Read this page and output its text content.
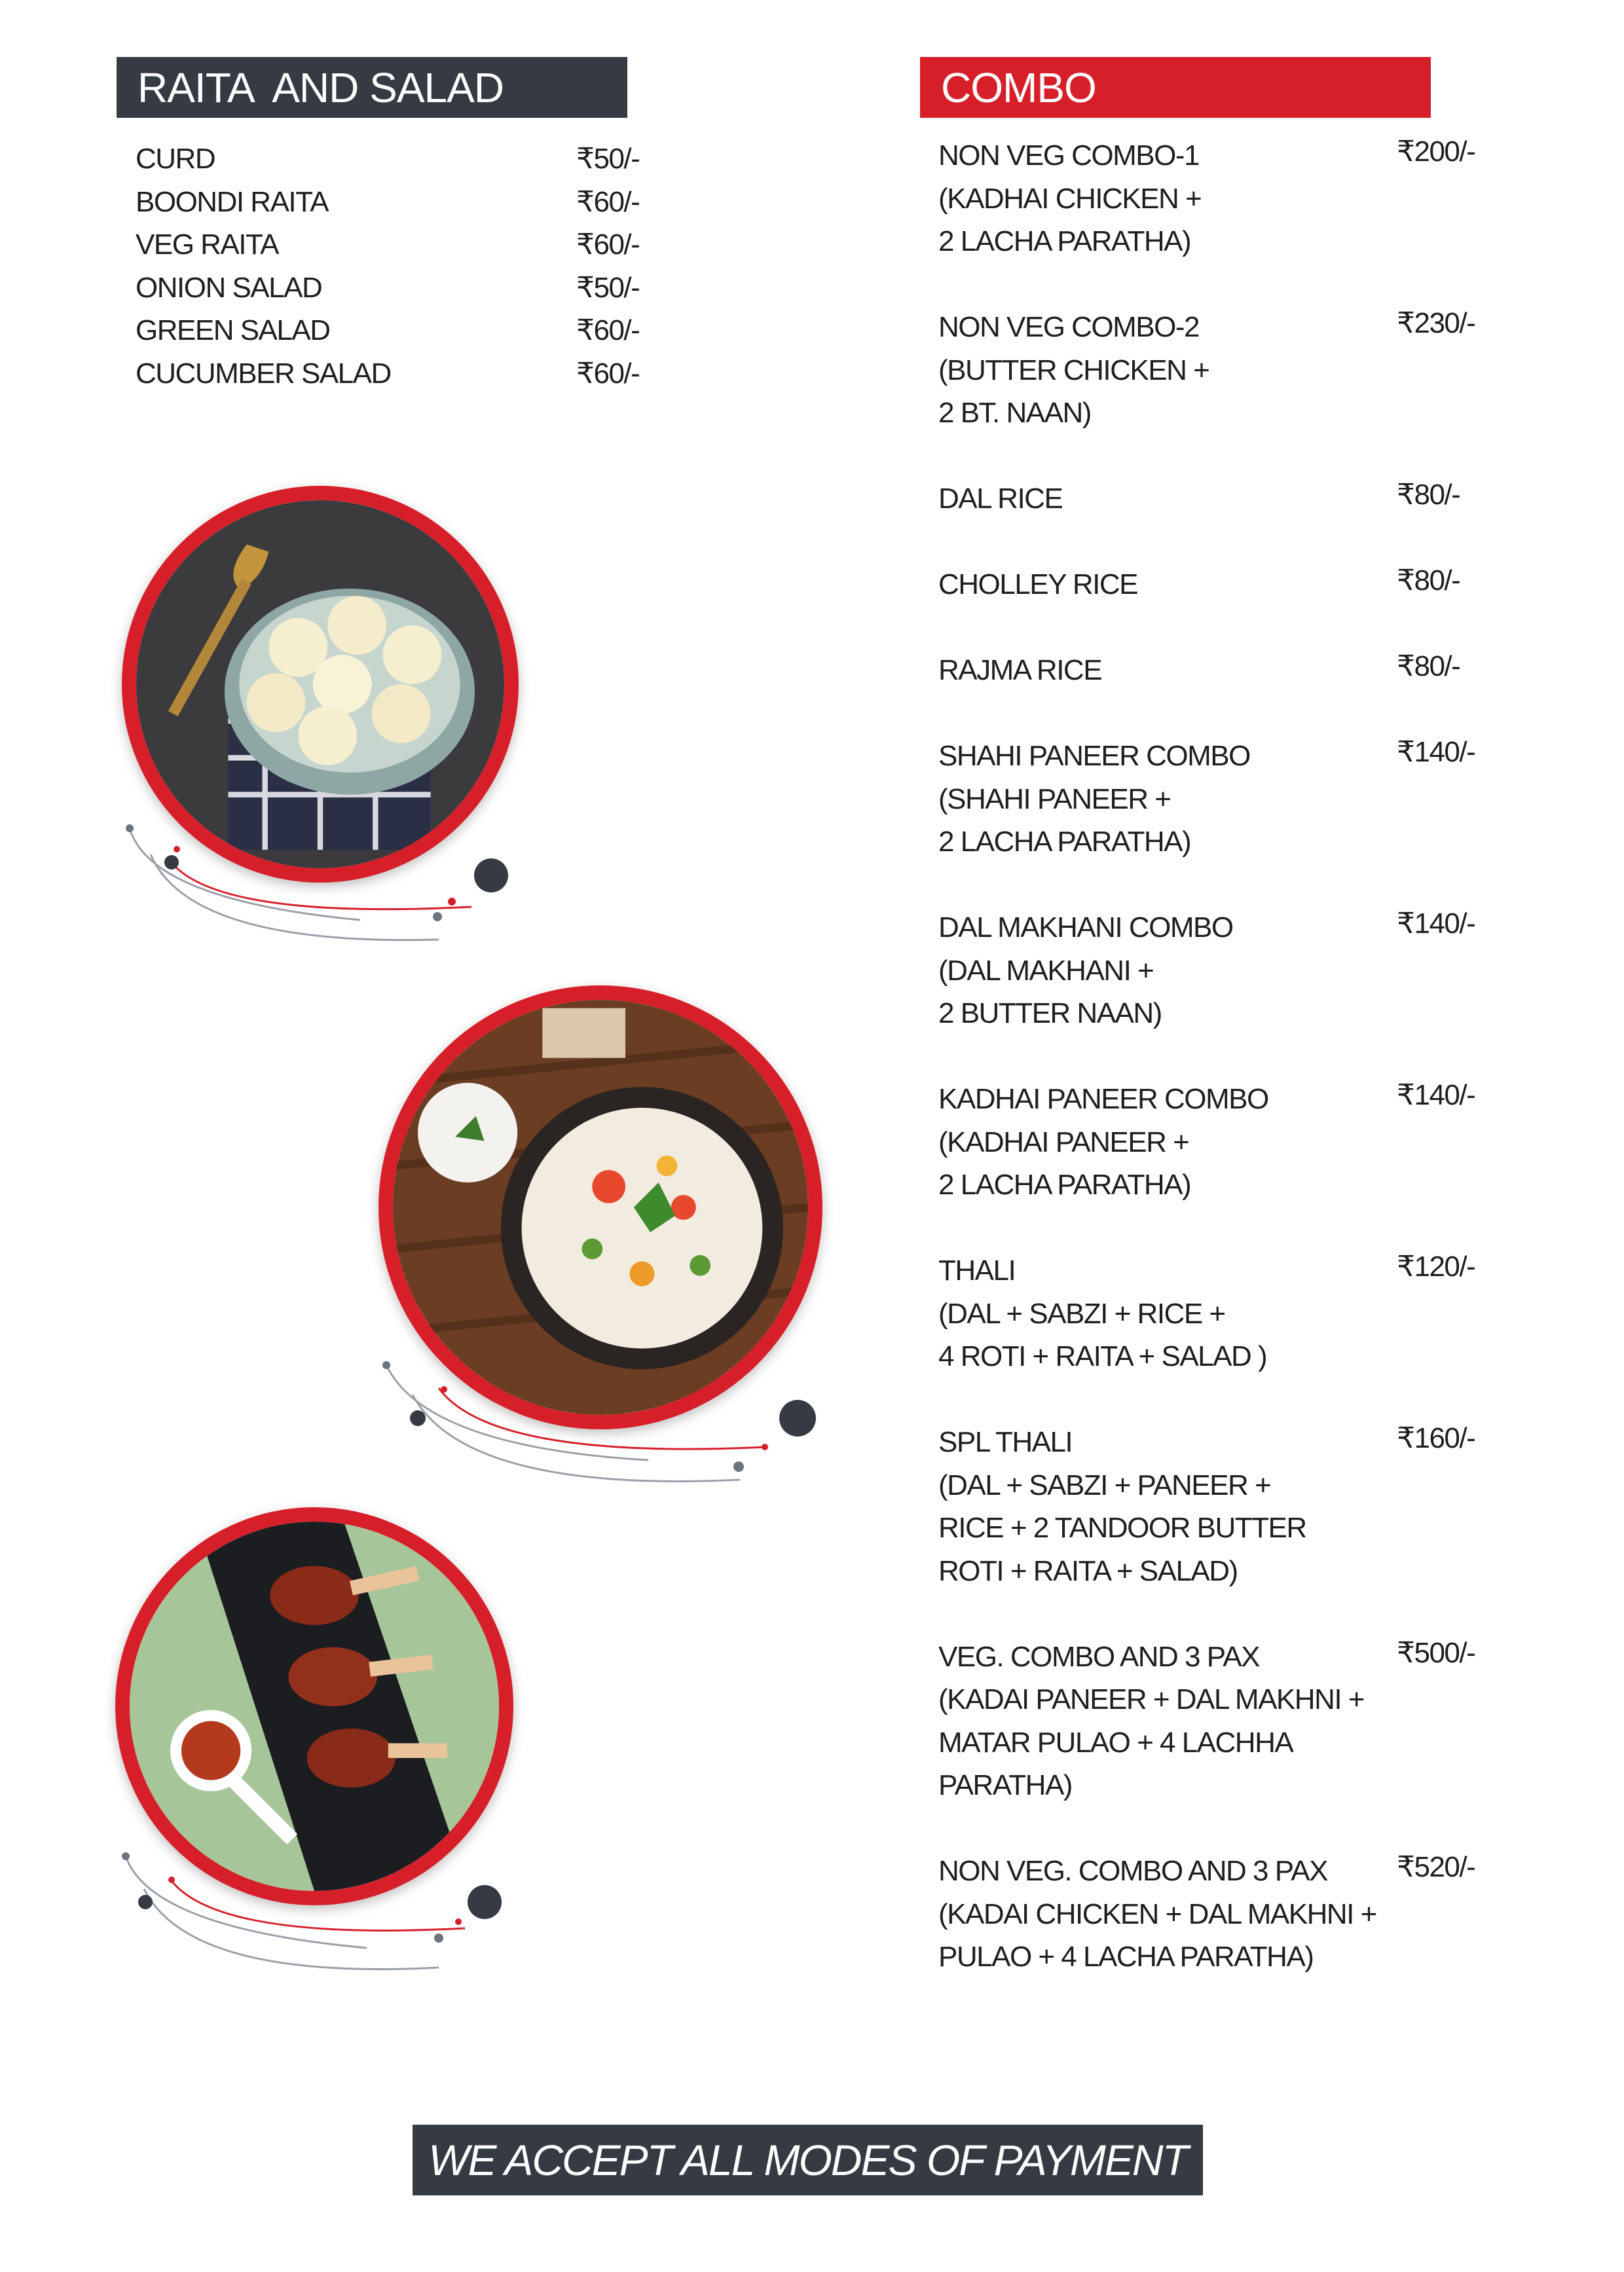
RAITA  AND SALAD	COMBO
CURD	₹50/-
BOONDI RAITA	₹60/-
VEG RAITA	₹60/-
ONION SALAD	₹50/-
GREEN SALAD	₹60/-
CUCUMBER SALAD	₹60/-
NON VEG COMBO-1
(KADHAI CHICKEN +
2 LACHA PARATHA)
₹200/-
NON VEG COMBO-2
(BUTTER CHICKEN +
2 BT. NAAN)
₹230/-
DAL RICE	₹80/-
CHOLLEY RICE	₹80/-
RAJMA RICE	₹80/-
SHAHI PANEER COMBO
(SHAHI PANEER +
2 LACHA PARATHA)
₹140/-
DAL MAKHANI COMBO
(DAL MAKHANI +
2 BUTTER NAAN)
₹140/-
KADHAI PANEER COMBO
(KADHAI PANEER +
2 LACHA PARATHA)
₹140/-
THALI
(DAL + SABZI + RICE +
4 ROTI + RAITA + SALAD )
₹120/-
SPL THALI
(DAL + SABZI + PANEER +
RICE + 2 TANDOOR BUTTER
ROTI + RAITA + SALAD)
₹160/-
VEG. COMBO AND 3 PAX
(KADAI PANEER + DAL MAKHNI +
MATAR PULAO + 4 LACHHA
PARATHA)
₹500/-
NON VEG. COMBO AND 3 PAX
(KADAI CHICKEN + DAL MAKHNI +
PULAO + 4 LACHA PARATHA)
₹520/-
WE ACCEPT ALL MODES OF PAYMENT
